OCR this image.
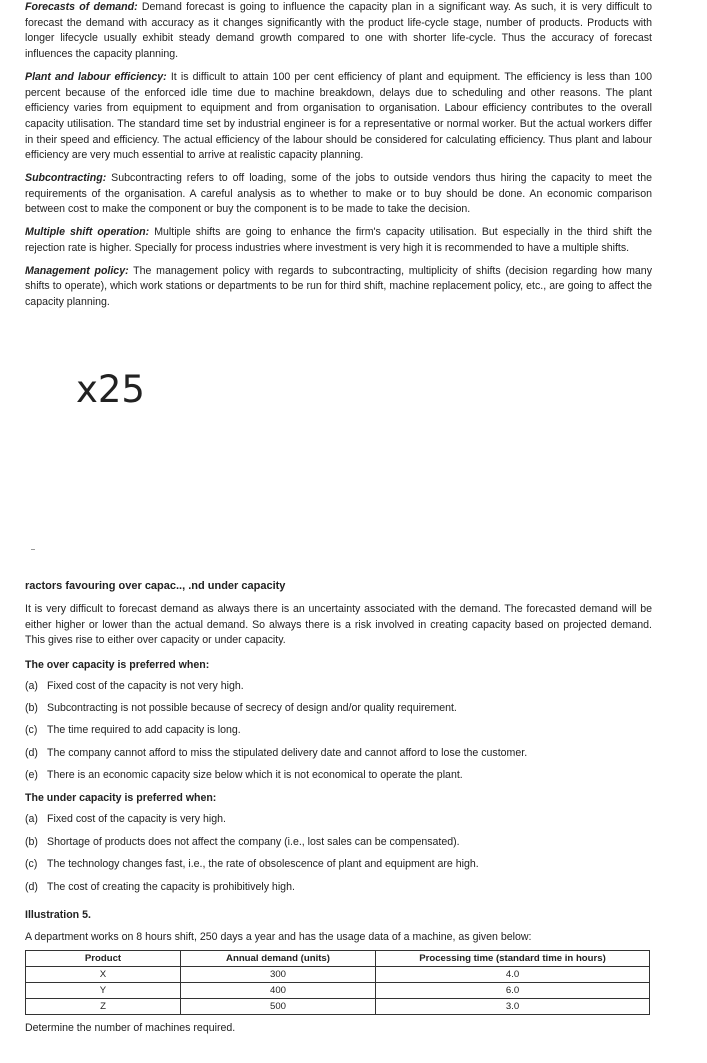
Forecasts of demand: Demand forecast is going to influence the capacity plan in a significant way. As such, it is very difficult to forecast the demand with accuracy as it changes significantly with the product life-cycle stage, number of products. Products with longer lifecycle usually exhibit steady demand growth compared to one with shorter life-cycle. Thus the accuracy of forecast influences the capacity planning.

Plant and labour efficiency: It is difficult to attain 100 per cent efficiency of plant and equipment. The efficiency is less than 100 percent because of the enforced idle time due to machine breakdown, delays due to scheduling and other reasons. The plant efficiency varies from equipment to equipment and from organisation to organisation. Labour efficiency contributes to the overall capacity utilisation. The standard time set by industrial engineer is for a representative or normal worker. But the actual workers differ in their speed and efficiency. The actual efficiency of the labour should be considered for calculating efficiency. Thus plant and labour efficiency are very much essential to arrive at realistic capacity planning.

Subcontracting: Subcontracting refers to off loading, some of the jobs to outside vendors thus hiring the capacity to meet the requirements of the organisation. A careful analysis as to whether to make or to buy should be done. An economic comparison between cost to make the component or buy the component is to be made to take the decision.

Multiple shift operation: Multiple shifts are going to enhance the firm's capacity utilisation. But especially in the third shift the rejection rate is higher. Specially for process industries where investment is very high it is recommended to have a multiple shifts.

Management policy: The management policy with regards to subcontracting, multiplicity of shifts (decision regarding how many shifts to operate), which work stations or departments to be run for third shift, machine replacement policy, etc., are going to affect the capacity planning.

x25
ractors favouring over capac.., .nd under capacity
It is very difficult to forecast demand as always there is an uncertainty associated with the demand. The forecasted demand will be either higher or lower than the actual demand. So always there is a risk involved in creating capacity based on projected demand. This gives rise to either over capacity or under capacity.
The over capacity is preferred when:
(a) Fixed cost of the capacity is not very high.
(b) Subcontracting is not possible because of secrecy of design and/or quality requirement.
(c) The time required to add capacity is long.
(d) The company cannot afford to miss the stipulated delivery date and cannot afford to lose the customer.
(e) There is an economic capacity size below which it is not economical to operate the plant.
The under capacity is preferred when:
(a) Fixed cost of the capacity is very high.
(b) Shortage of products does not affect the company (i.e., lost sales can be compensated).
(c) The technology changes fast, i.e., the rate of obsolescence of plant and equipment are high.
(d) The cost of creating the capacity is prohibitively high.
Illustration 5.
A department works on 8 hours shift, 250 days a year and has the usage data of a machine, as given below:
Product	Annual demand (units)	Processing time (standard time in hours)
X	300	4.0
Y	400	6.0
Z	500	3.0
Determine the number of machines required.
